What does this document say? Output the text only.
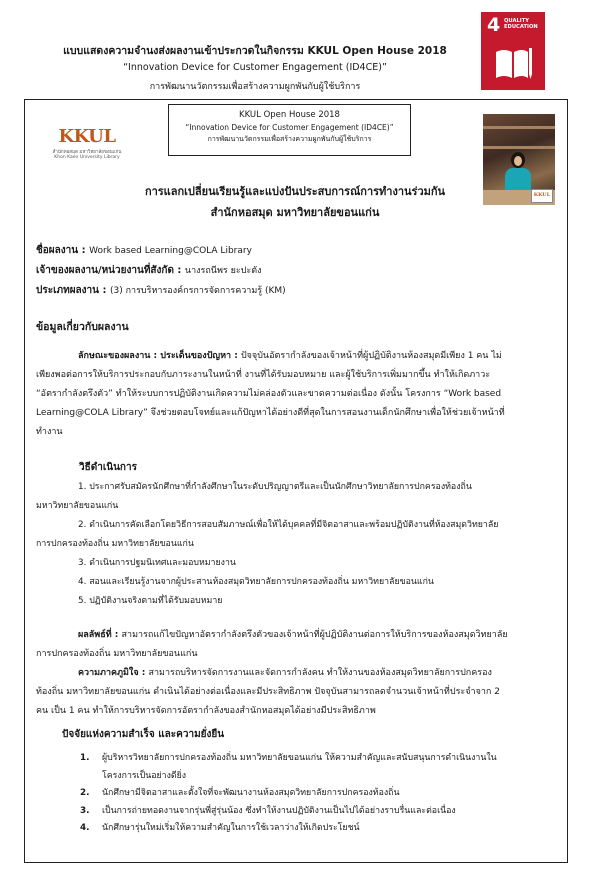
แบบแสดงความจำนงส่งผลงานเข้าประกวดในกิจกรรม KKUL Open House 2018
“Innovation Device for Customer Engagement (ID4CE)”
การพัฒนานวัตกรรมเพื่อสร้างความผูกพันกับผู้ใช้บริการ
4 QUALITY
EDUCATION
KKUL Open House 2018
“Innovation Device for Customer Engagement (ID4CE)”
การพัฒนานวัตกรรมเพื่อสร้างความผูกพันกับผู้ใช้บริการ
KKUL
สำนักหอสมุด มหาวิทยาลัยขอนแก่น
Khon Kaen University Library
KKUL
การแลกเปลี่ยนเรียนรู้และแบ่งปันประสบการณ์การทำงานร่วมกัน
สำนักหอสมุด มหาวิทยาลัยขอนแก่น
ชื่อผลงาน : Work based Learning@COLA Library
เจ้าของผลงาน/หน่วยงานที่สังกัด : นางรถนีพร ยะปะตัง
ประเภทผลงาน : (3) การบริหารองค์กรการจัดการความรู้ (KM)
ข้อมูลเกี่ยวกับผลงาน
ลักษณะของผลงาน : ประเด็นของปัญหา : ปัจจุบันอัตรากำลังของเจ้าหน้าที่ผู้ปฏิบัติงานห้องสมุดมีเพียง 1 คน ไม่
เพียงพอต่อการให้บริการประกอบกับภาระงานในหน้าที่ งานที่ได้รับมอบหมาย และผู้ใช้บริการเพิ่มมากขึ้น ทำให้เกิดภาวะ
“อัตรากำลังตรึงตัว” ทำให้ระบบการปฏิบัติงานเกิดความไม่คล่องตัวและขาดความต่อเนื่อง ดังนั้น โครงการ “Work based
Learning@COLA Library” จึงช่วยตอบโจทย์และแก้ปัญหาได้อย่างดีที่สุดในการสอนงานเด็กนักศึกษาเพื่อให้ช่วยเจ้าหน้าที่
ทำงาน
วิธีดำเนินการ
1. ประกาศรับสมัครนักศึกษาที่กำลังศึกษาในระดับปริญญาตรีและเป็นนักศึกษาวิทยาลัยการปกครองท้องถิ่น
มหาวิทยาลัยขอนแก่น
2. ดำเนินการคัดเลือกโดยวิธีการสอบสัมภาษณ์เพื่อให้ได้บุคคลที่มีจิตอาสาและพร้อมปฏิบัติงานที่ห้องสมุดวิทยาลัย
การปกครองท้องถิ่น มหาวิทยาลัยขอนแก่น
3. ดำเนินการปฐมนิเทศและมอบหมายงาน
4. สอนและเรียนรู้งานจากผู้ประสานห้องสมุดวิทยาลัยการปกครองท้องถิ่น มหาวิทยาลัยขอนแก่น
5. ปฏิบัติงานจริงตามที่ได้รับมอบหมาย
ผลลัพธ์ที่ : สามารถแก้ไขปัญหาอัตรากำลังตรึงตัวของเจ้าหน้าที่ผู้ปฏิบัติงานต่อการให้บริการของห้องสมุดวิทยาลัย
การปกครองท้องถิ่น มหาวิทยาลัยขอนแก่น
ความภาคภูมิใจ : สามารถบริหารจัดการงานและจัดการกำลังคน ทำให้งานของห้องสมุดวิทยาลัยการปกครอง
ท้องถิ่น มหาวิทยาลัยขอนแก่น ดำเนินได้อย่างต่อเนื่องและมีประสิทธิภาพ ปัจจุบันสามารถลดจำนวนเจ้าหน้าที่ประจำจาก 2
คน เป็น 1 คน ทำให้การบริหารจัดการอัตรากำลังของสำนักหอสมุดได้อย่างมีประสิทธิภาพ
ปัจจัยแห่งความสำเร็จ และความยั่งยืน
1. ผู้บริหารวิทยาลัยการปกครองท้องถิ่น มหาวิทยาลัยขอนแก่น ให้ความสำคัญและสนับสนุนการดำเนินงานใน
โครงการเป็นอย่างดียิ่ง
2. นักศึกษามีจิตอาสาและตั้งใจที่จะพัฒนางานห้องสมุดวิทยาลัยการปกครองท้องถิ่น
3. เป็นการถ่ายทอดงานจากรุ่นพี่สู่รุ่นน้อง ซึ่งทำให้งานปฏิบัติงานเป็นไปได้อย่างราบรื่นและต่อเนื่อง
4. นักศึกษารุ่นใหม่เริ่มให้ความสำคัญในการใช้เวลาว่างให้เกิดประโยชน์
